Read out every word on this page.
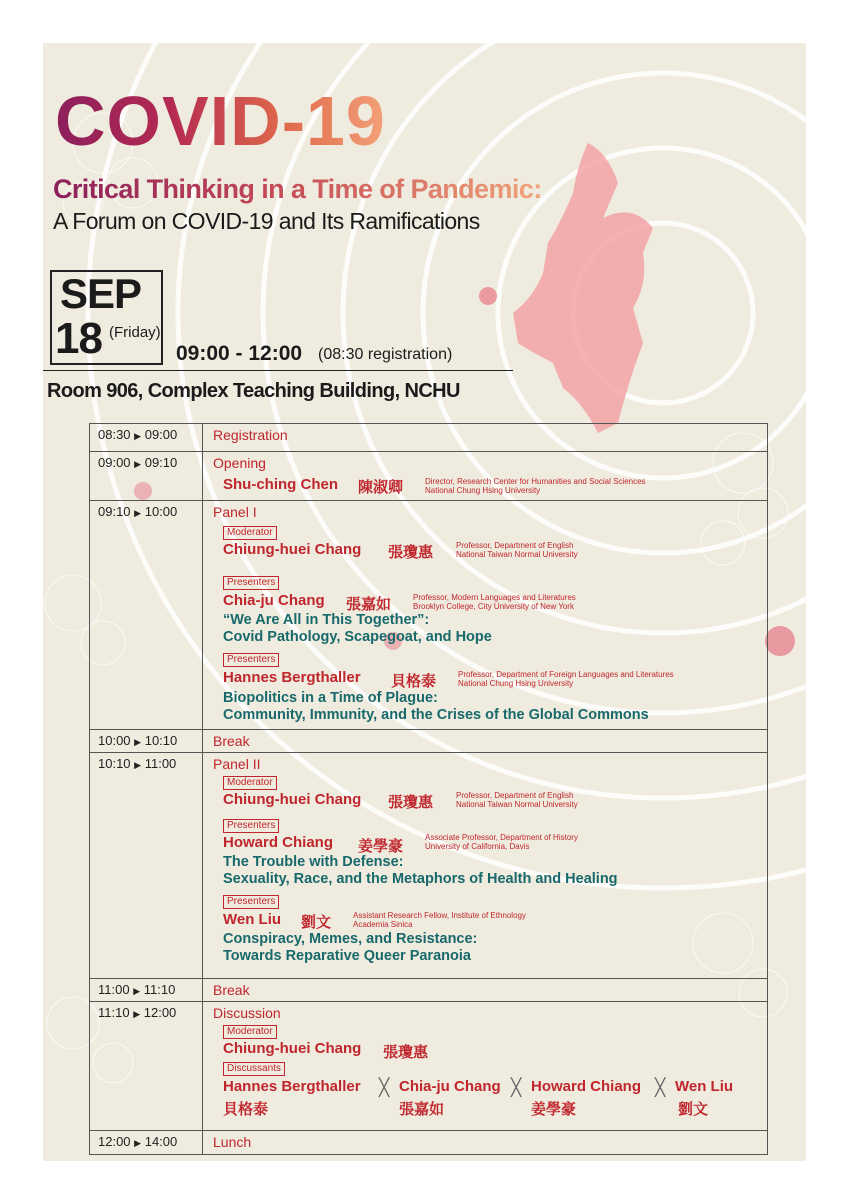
COVID-19
Critical Thinking in a Time of Pandemic:
A Forum on COVID-19 and Its Ramifications
SEP
18 (Friday)
09:00 - 12:00 (08:30 registration)
Room 906, Complex Teaching Building, NCHU
08:30 ▶ 09:00	Registration
09:00 ▶ 09:10	Opening
Shu-ching Chen 陳淑卿	Director, Research Center for Humanities and Social Sciences
National Chung Hsing University
09:10 ▶ 10:00	Panel I
Moderator
Chiung-huei Chang 張瓊惠	Professor, Department of English
National Taiwan Normal University
Presenters
Chia-ju Chang 張嘉如	Professor, Modern Languages and Literatures
Brooklyn College, City University of New York
“We Are All in This Together”:
Covid Pathology, Scapegoat, and Hope
Presenters
Hannes Bergthaller 貝格泰	Professor, Department of Foreign Languages and Literatures
National Chung Hsing University
Biopolitics in a Time of Plague:
Community, Immunity, and the Crises of the Global Commons
10:00 ▶ 10:10	Break
10:10 ▶ 11:00	Panel II
Moderator
Chiung-huei Chang 張瓊惠	Professor, Department of English
National Taiwan Normal University
Presenters
Howard Chiang 姜學豪
Associate Professor, Department of History
University of California, Davis
The Trouble with Defense:
Sexuality, Race, and the Metaphors of Health and Healing
Presenters
Wen Liu 劉文	Assistant Research Fellow, Institute of Ethnology
Academia Sinica
Conspiracy, Memes, and Resistance:
Towards Reparative Queer Paranoia
11:00 ▶ 11:10	Break
11:10 ▶ 12:00	Discussion
Moderator
Chiung-huei Chang 張瓊惠
Discussants
Hannes Bergthaller
貝格泰
╳ Chia-ju Chang
張嘉如
╳ Howard Chiang
姜學豪
╳ Wen Liu
劉文
12:00 ▶ 14:00	Lunch
